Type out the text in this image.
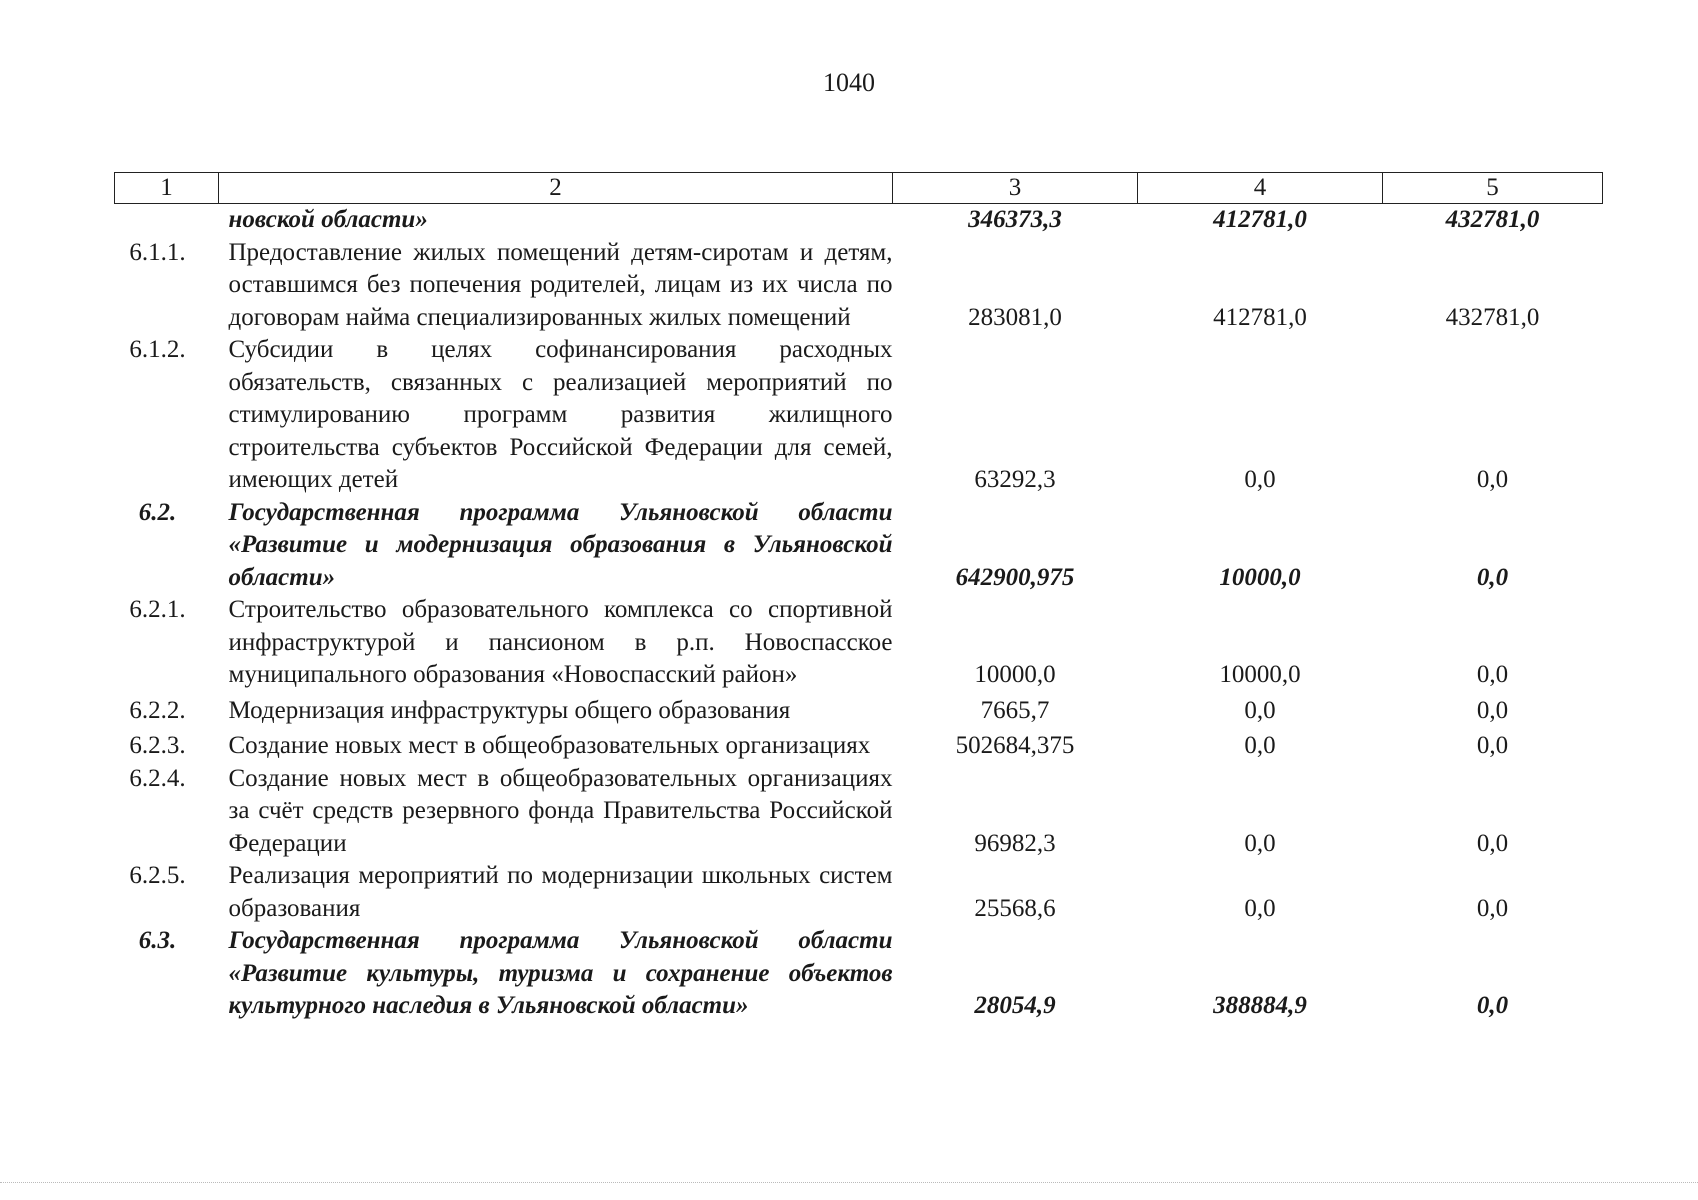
1040
1	2	3	4	5
	новской области»	346373,3	412781,0	432781,0
6.1.1.	Предоставление жилых помещений детям-сиротам и детям, оставшимся без попечения родителей, лицам из их числа по договорам найма специализированных жилых помещений	283081,0	412781,0	432781,0
6.1.2.	Субсидии в целях софинансирования расходных обязательств, связанных с реализацией мероприятий по стимулированию программ развития жилищного строительства субъектов Российской Федерации для семей, имеющих детей	63292,3	0,0	0,0
6.2.	Государственная программа Ульяновской области «Развитие и модернизация образования в Ульяновской области»	642900,975	10000,0	0,0
6.2.1.	Строительство образовательного комплекса со спортивной инфраструктурой и пансионом в р.п. Новоспасское муниципального образования «Новоспасский район»	10000,0	10000,0	0,0
6.2.2.	Модернизация инфраструктуры общего образования	7665,7	0,0	0,0
6.2.3.	Создание новых мест в общеобразовательных организациях	502684,375	0,0	0,0
6.2.4.	Создание новых мест в общеобразовательных организациях за счёт средств резервного фонда Правительства Российской Федерации	96982,3	0,0	0,0
6.2.5.	Реализация мероприятий по модернизации школьных систем образования	25568,6	0,0	0,0
6.3.	Государственная программа Ульяновской области «Развитие культуры, туризма и сохранение объектов культурного наследия в Ульяновской области»	28054,9	388884,9	0,0
